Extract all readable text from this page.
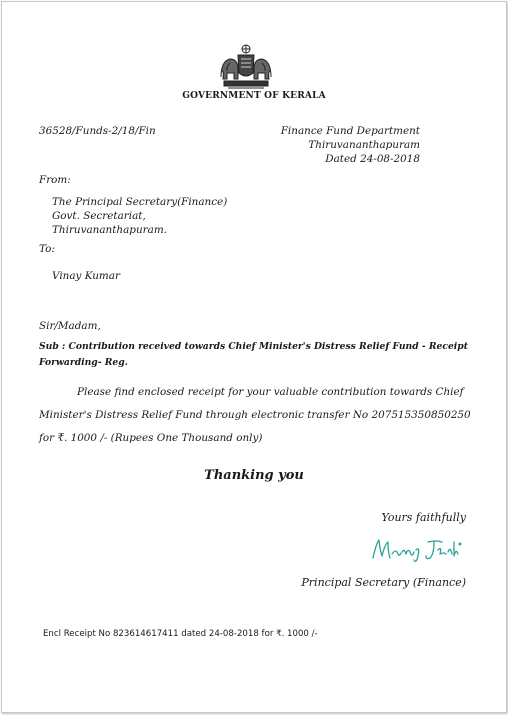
GOVERNMENT OF KERALA
36528/Funds-2/18/Fin	Finance Fund Department
Thiruvananthapuram
Dated 24-08-2018
From:
The Principal Secretary(Finance)
Govt. Secretariat,
Thiruvananthapuram.
To:
Vinay Kumar
Sir/Madam,
Sub : Contribution received towards Chief Minister's Distress Relief Fund - Receipt Forwarding- Reg.
Please find enclosed receipt for your valuable contribution towards Chief Minister's Distress Relief Fund through electronic transfer No 207515350850250 for ₹. 1000 /- (Rupees One Thousand only)
Thanking you
Yours faithfully
Principal Secretary (Finance)
Encl Receipt No 823614617411 dated 24-08-2018 for ₹. 1000 /-
